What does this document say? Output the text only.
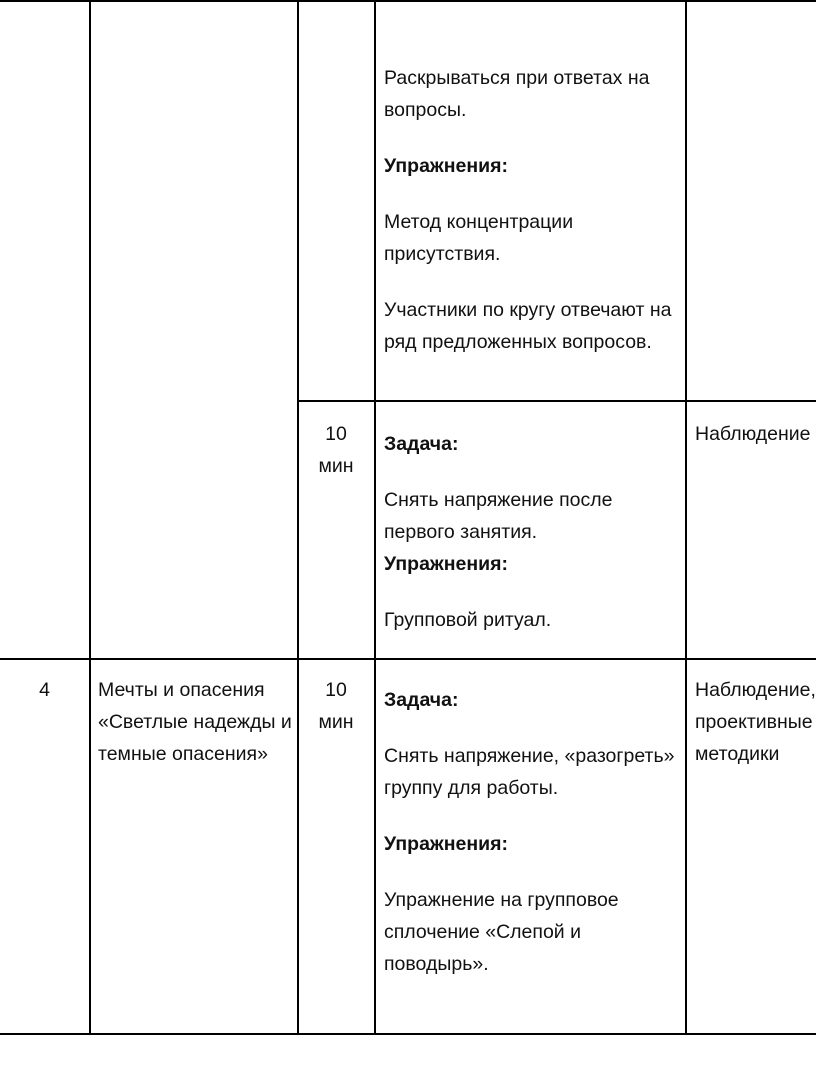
Раскрываться при ответах на вопросы.

Упражнения:

Метод концентрации присутствия.

Участники по кругу отвечают на ряд предложенных вопросов.

10 мин

Задача:

Снять напряжение после первого занятия.

Упражнения:

Групповой ритуал.

Наблюдение
4	Мечты и опасения «Светлые надежды и темные опасения»
10 мин

Задача:

Снять напряжение, «разогреть» группу для работы.

Упражнения:

Упражнение на групповое сплочение «Слепой и поводырь».

Наблюдение, проективные методики
